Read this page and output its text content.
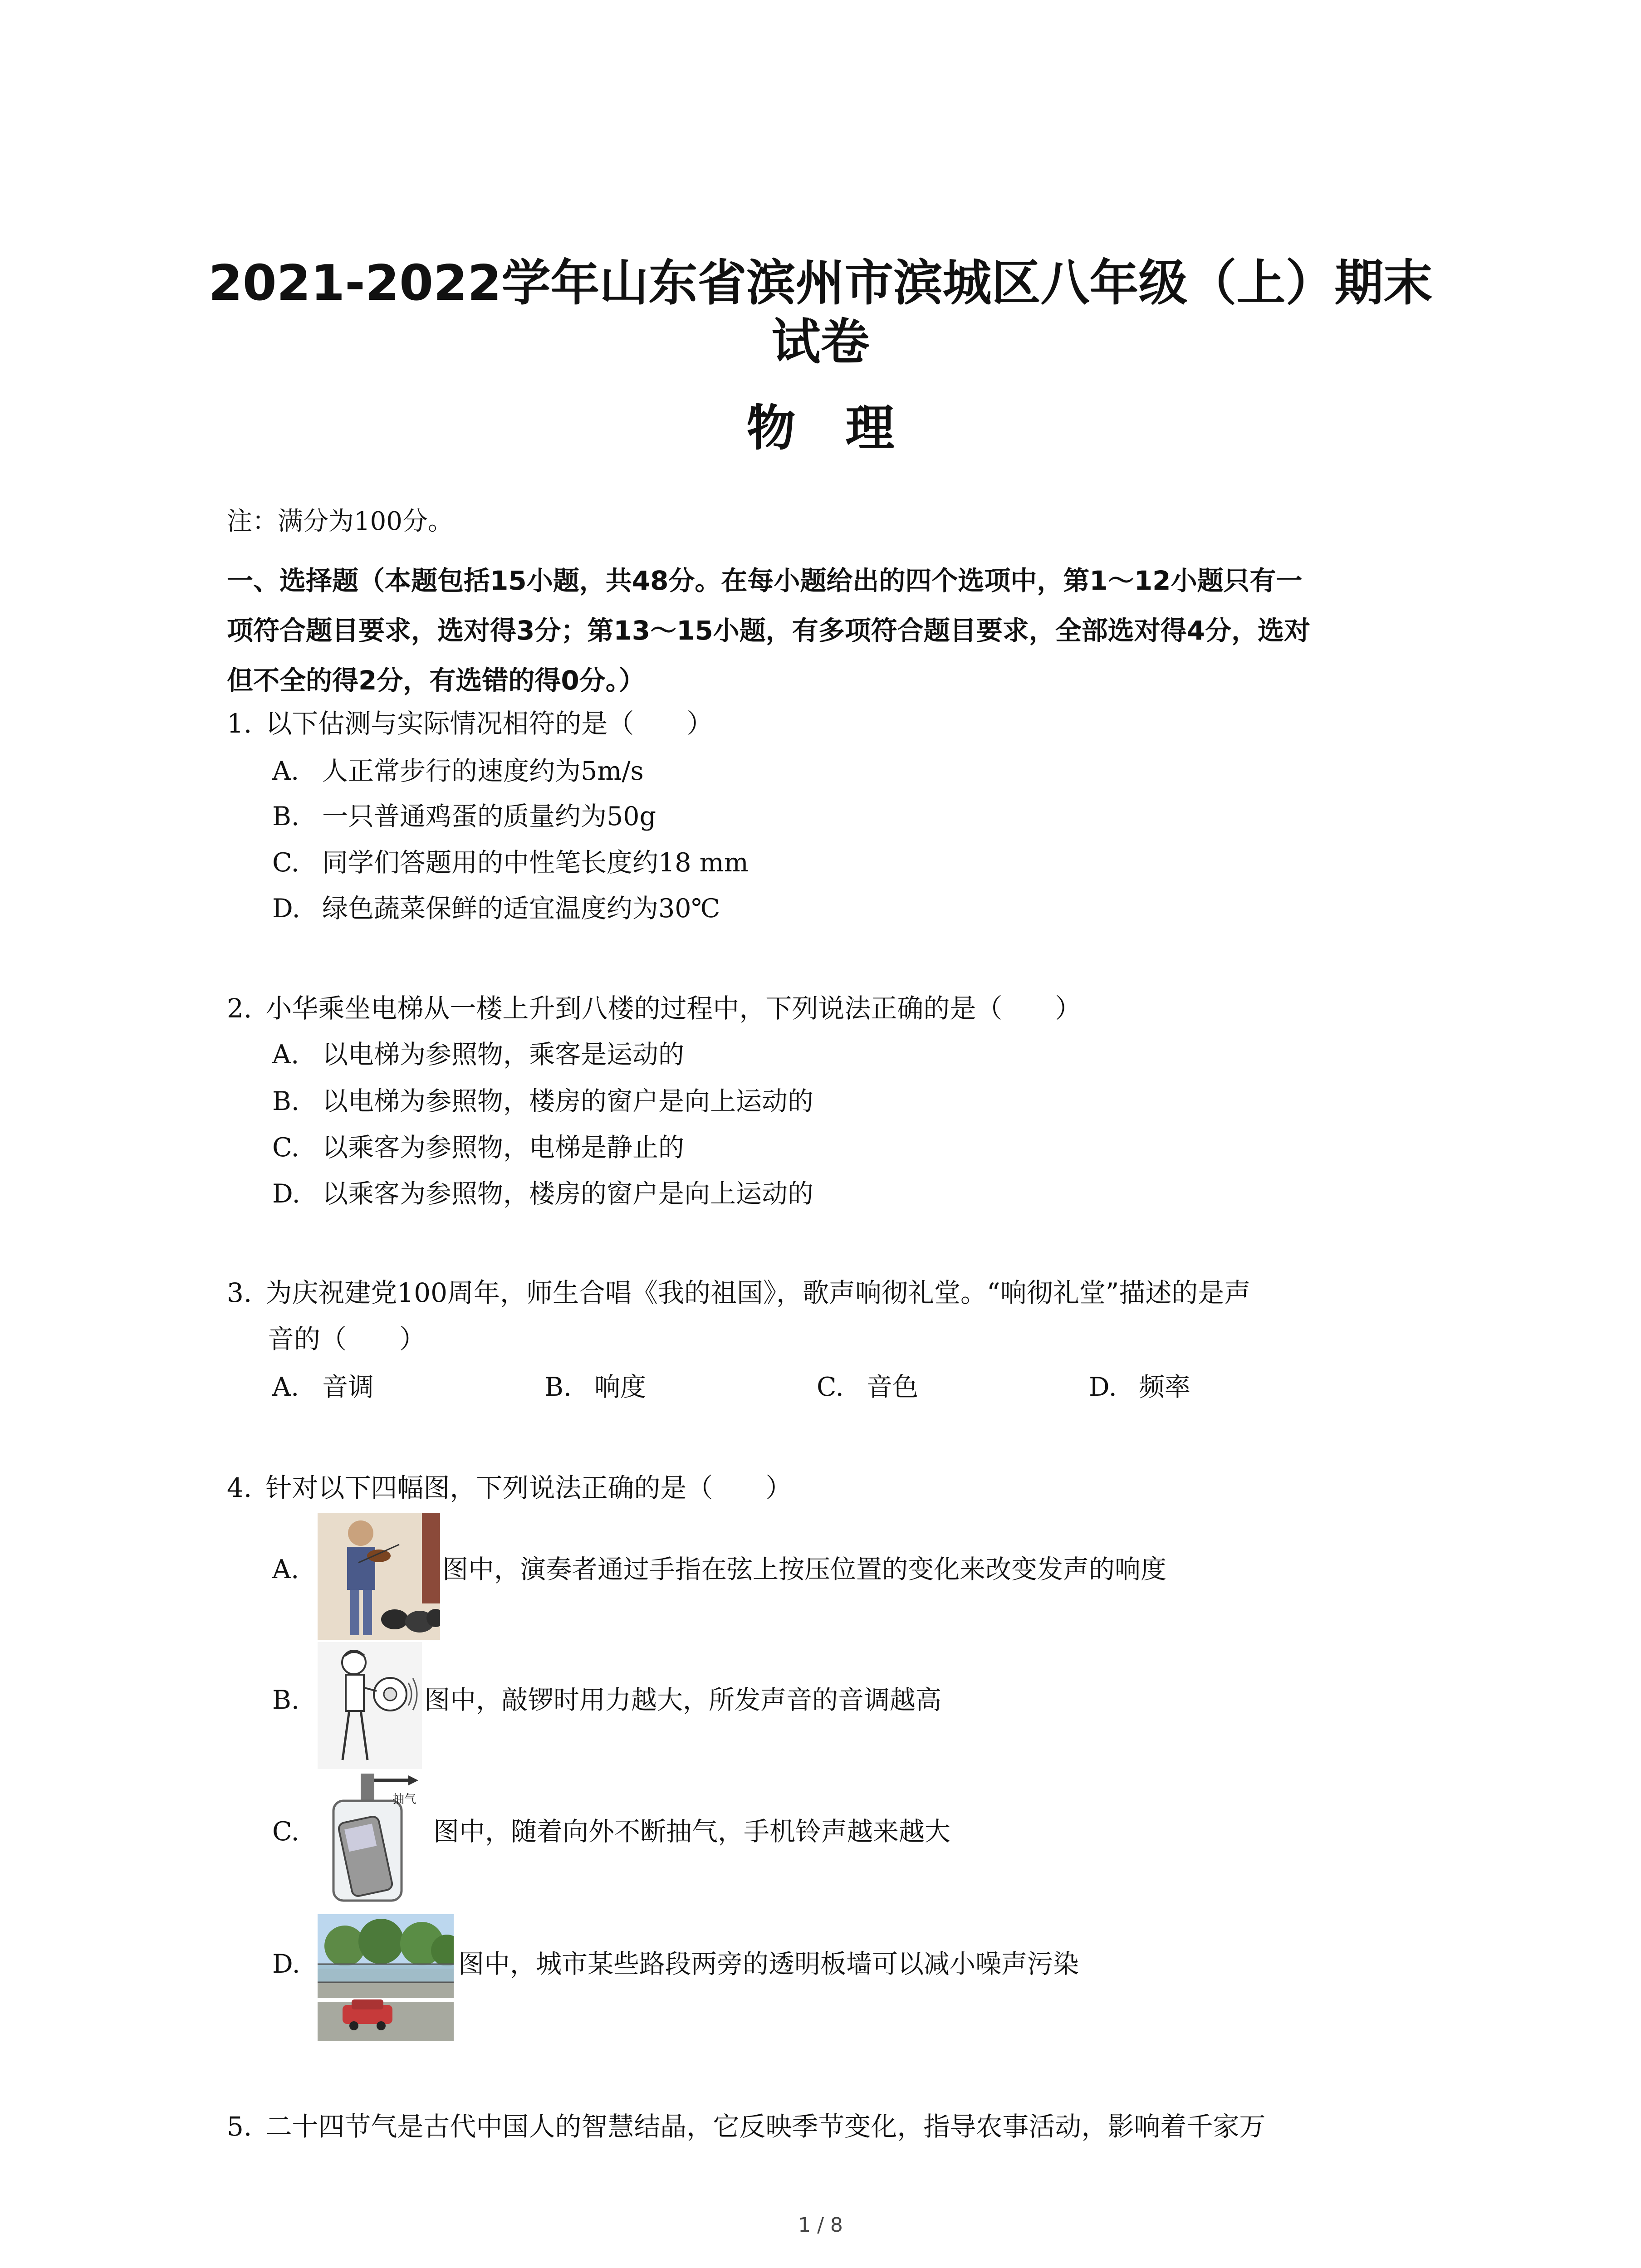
2021-2022学年山东省滨州市滨城区八年级（上）期末
试卷
物理
注：满分为100分。
一、选择题（本题包括15小题，共48分。在每小题给出的四个选项中，第1～12小题只有一
项符合题目要求，选对得3分；第13～15小题，有多项符合题目要求，全部选对得4分，选对
但不全的得2分，有选错的得0分。）
1. 以下估测与实际情况相符的是（　　）
A. 人正常步行的速度约为5m/s
B. 一只普通鸡蛋的质量约为50g
C. 同学们答题用的中性笔长度约18 mm
D. 绿色蔬菜保鲜的适宜温度约为30℃
2. 小华乘坐电梯从一楼上升到八楼的过程中，下列说法正确的是（　　）
A. 以电梯为参照物，乘客是运动的
B. 以电梯为参照物，楼房的窗户是向上运动的
C. 以乘客为参照物，电梯是静止的
D. 以乘客为参照物，楼房的窗户是向上运动的
3. 为庆祝建党100周年，师生合唱《我的祖国》，歌声响彻礼堂。“响彻礼堂”描述的是声
音的（　　）
A. 音调	B. 响度	C. 音色	D. 频率
4. 针对以下四幅图，下列说法正确的是（　　）
A.	图中，演奏者通过手指在弦上按压位置的变化来改变发声的响度
B.	图中，敲锣时用力越大，所发声音的音调越高
C.
抽气
图中，随着向外不断抽气，手机铃声越来越大
D.	图中，城市某些路段两旁的透明板墙可以减小噪声污染
5. 二十四节气是古代中国人的智慧结晶，它反映季节变化，指导农事活动，影响着千家万
1 / 8
